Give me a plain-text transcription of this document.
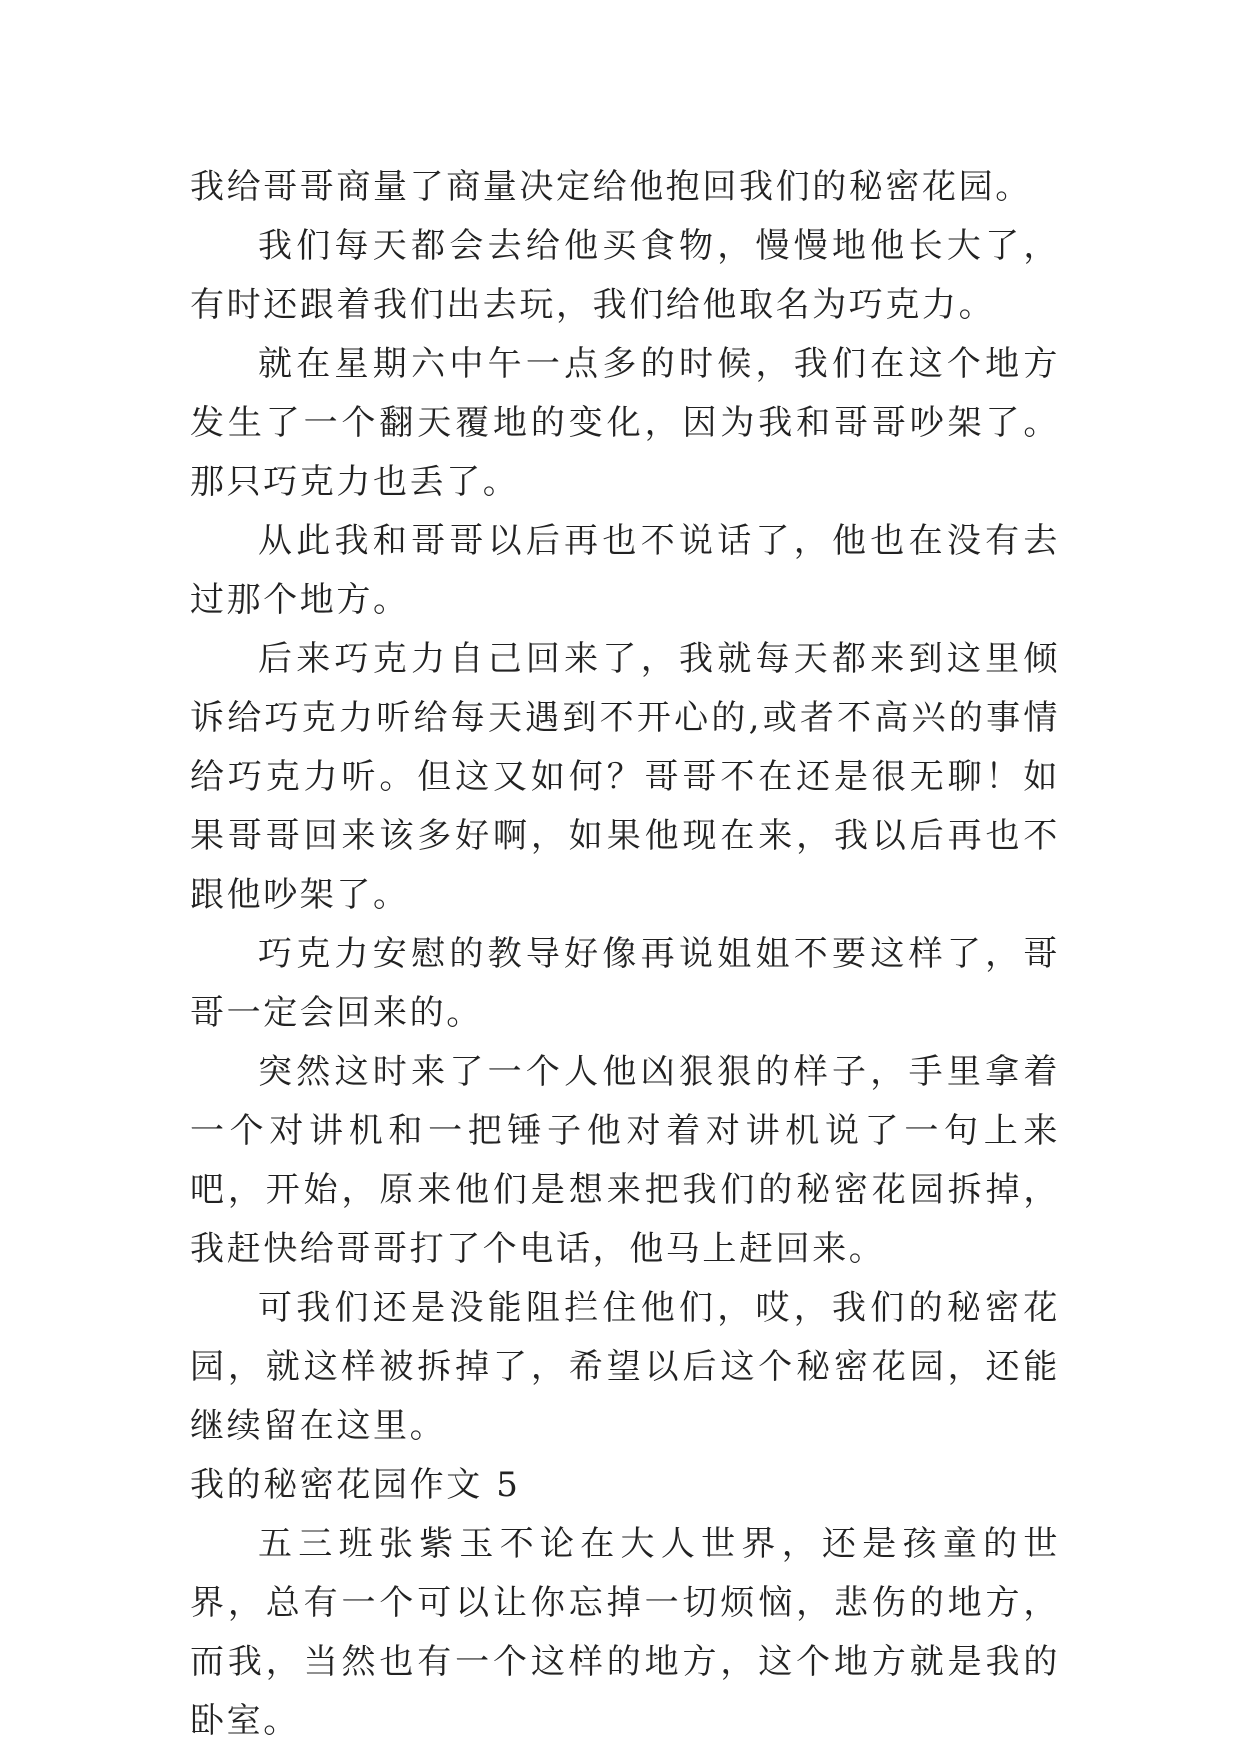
我给哥哥商量了商量决定给他抱回我们的秘密花园。

我们每天都会去给他买食物，慢慢地他长大了，有时还跟着我们出去玩，我们给他取名为巧克力。

就在星期六中午一点多的时候，我们在这个地方发生了一个翻天覆地的变化，因为我和哥哥吵架了。那只巧克力也丢了。

从此我和哥哥以后再也不说话了，他也在没有去过那个地方。

后来巧克力自己回来了，我就每天都来到这里倾诉给巧克力听给每天遇到不开心的,或者不高兴的事情给巧克力听。但这又如何？哥哥不在还是很无聊！如果哥哥回来该多好啊，如果他现在来，我以后再也不跟他吵架了。

巧克力安慰的教导好像再说姐姐不要这样了，哥哥一定会回来的。

突然这时来了一个人他凶狠狠的样子，手里拿着一个对讲机和一把锤子他对着对讲机说了一句上来吧，开始，原来他们是想来把我们的秘密花园拆掉，我赶快给哥哥打了个电话，他马上赶回来。

可我们还是没能阻拦住他们，哎，我们的秘密花园，就这样被拆掉了，希望以后这个秘密花园，还能继续留在这里。

我的秘密花园作文 5

五三班张紫玉不论在大人世界，还是孩童的世界，总有一个可以让你忘掉一切烦恼，悲伤的地方，而我，当然也有一个这样的地方，这个地方就是我的卧室。
